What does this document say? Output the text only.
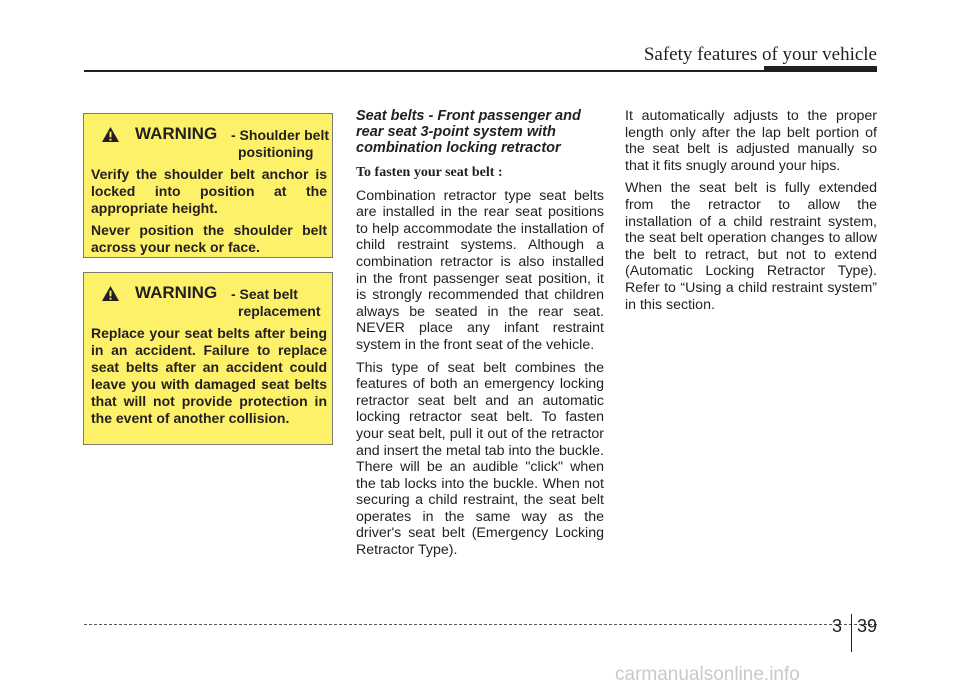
Safety features of your vehicle
WARNING - Shoulder belt
positioning

Verify the shoulder belt anchor is locked into position at the appropriate height.

Never position the shoulder belt across your neck or face.

WARNING - Seat belt
replacement

Replace your seat belts after being in an accident. Failure to replace seat belts after an accident could leave you with damaged seat belts that will not provide protection in the event of another collision.

Seat belts - Front passenger and rear seat 3-point system with combination locking retractor
To fasten your seat belt :

Combination retractor type seat belts are installed in the rear seat positions to help accommodate the installation of child restraint systems. Although a combination retractor is also installed in the front passenger seat position, it is strongly recommended that children always be seated in the rear seat. NEVER place any infant restraint system in the front seat of the vehicle.

This type of seat belt combines the features of both an emergency locking retractor seat belt and an automatic locking retractor seat belt. To fasten your seat belt, pull it out of the retractor and insert the metal tab into the buckle. There will be an audible "click" when the tab locks into the buckle. When not securing a child restraint, the seat belt operates in the same way as the driver's seat belt (Emergency Locking Retractor Type).

It automatically adjusts to the proper length only after the lap belt portion of the seat belt is adjusted manually so that it fits snugly around your hips.

When the seat belt is fully extended from the retractor to allow the installation of a child restraint system, the seat belt operation changes to allow the belt to retract, but not to extend (Automatic Locking Retractor Type). Refer to “Using a child restraint system” in this section.

3 39
carmanualsonline.info
